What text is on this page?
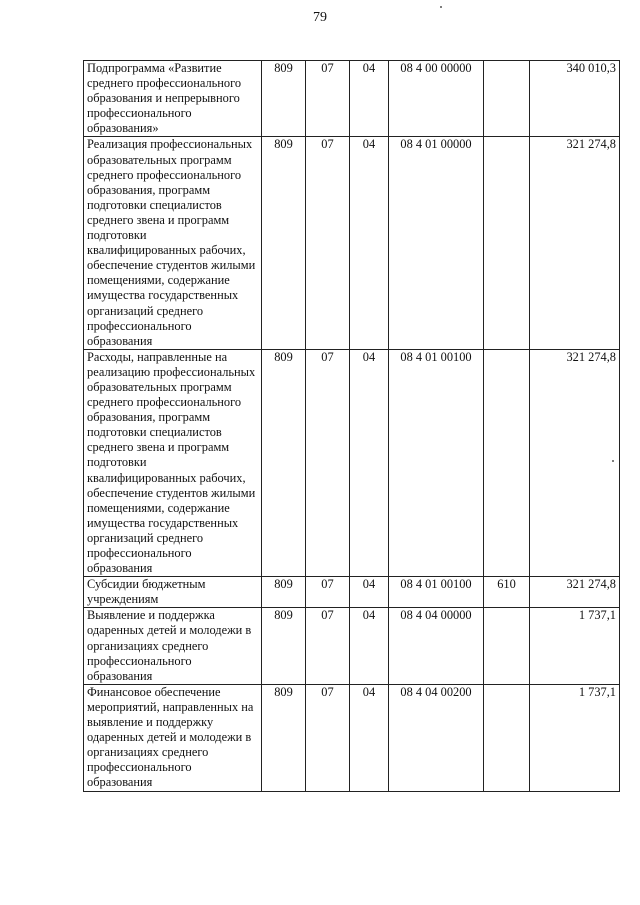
79
Подпрограмма «Развитие среднего профессионального образования и непрерывного профессионального образования»	809	07	04	08 4 00 00000		340 010,3
Реализация профессиональных образовательных программ среднего профессионального образования, программ подготовки специалистов среднего звена и программ подготовки квалифицированных рабочих, обеспечение студентов жилыми помещениями, содержание имущества государственных организаций среднего профессионального образования	809	07	04	08 4 01 00000		321 274,8
Расходы, направленные на реализацию профессиональных образовательных программ среднего профессионального образования, программ подготовки специалистов среднего звена и программ подготовки квалифицированных рабочих, обеспечение студентов жилыми помещениями, содержание имущества государственных организаций среднего профессионального образования	809	07	04	08 4 01 00100		321 274,8
Субсидии бюджетным учреждениям	809	07	04	08 4 01 00100	610	321 274,8
Выявление и поддержка одаренных детей и молодежи в организациях среднего профессионального образования	809	07	04	08 4 04 00000		1 737,1
Финансовое обеспечение мероприятий, направленных на выявление и поддержку одаренных детей и молодежи в организациях среднего профессионального образования	809	07	04	08 4 04 00200		1 737,1
